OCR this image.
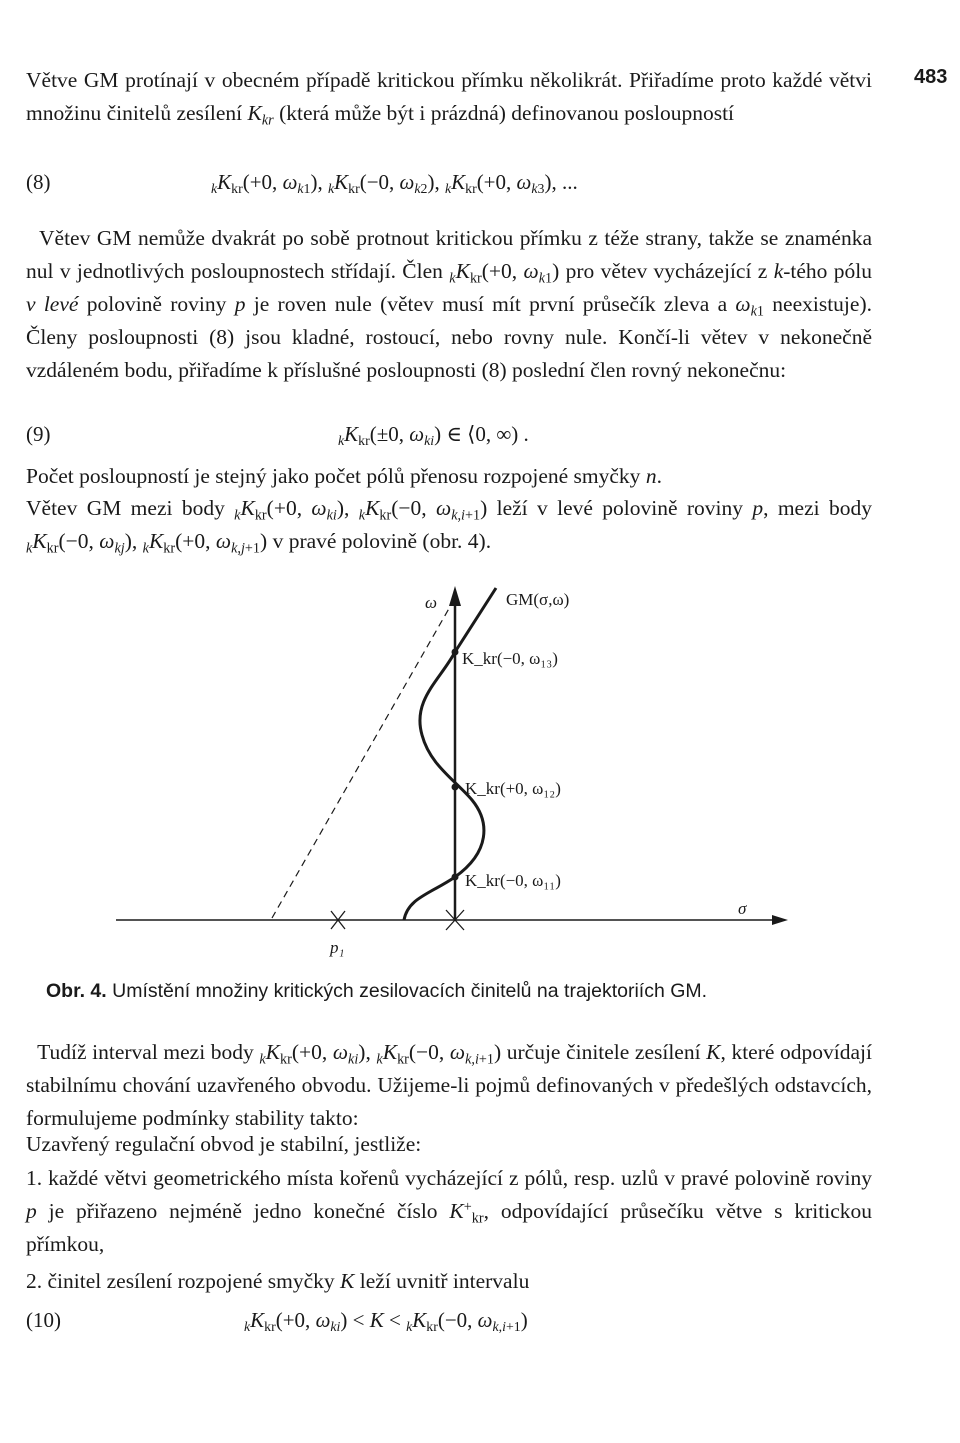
483

Větve GM protínají v obecném případě kritickou přímku několikrát. Přiřadíme proto každé větvi množinu činitelů zesílení $K_{kr}$ (která může být i prázdná) definovanou posloupností

(8)	$_kK_{kr}(+0$, $\omega_{k1}$), $_kK_{kr}(-0$, $\omega_{k2}$), $_kK_{kr}(+0$, $\omega_{k3}$), ...

Větev GM nemůže dvakrát po sobě protnout kritickou přímku z téže strany, takže se znaménka nul v jednotlivých posloupnostech střídají. Člen $_kK_{kr}(+0$, $\omega_{k1}$) pro větev vycházející z k-tého pólu v levé polovině roviny p je roven nule (větev musí mít první průsečík zleva a $\omega_{k1}$ neexistuje). Členy posloupnosti (8) jsou kladné, rostoucí, nebo rovny nule. Končí-li větev v nekonečně vzdáleném bodu, přiřadíme k příslušné posloupnosti (8) poslední člen rovný nekonečnu:

(9)	$_kK_{kr}(\pm 0$, $\omega_{ki}$) ∈ ⟨0, ∞) .

Počet posloupností je stejný jako počet pólů přenosu rozpojené smyčky n.

Větev GM mezi body $_kK_{kr}(+0$, $\omega_{ki}$), $_kK_{kr}(-0$, $\omega_{k,i+1}$) leží v levé polovině roviny p, mezi body $_kK_{kr}(-0$, $\omega_{kj}$), $_kK_{kr}(+0$, $\omega_{k,j+1}$) v pravé polovině (obr. 4).

ω
σ
GM(σ,ω)
p₁
K_kr(−0, ω₁₃)
K_kr(+0, ω₁₂)
K_kr(−0, ω₁₁)
Obr. 4. Umístění množiny kritických zesilovacích činitelů na trajektoriích GM.

Tudíž interval mezi body $_kK_{kr}(+0$, $\omega_{ki}$), $_kK_{kr}(-0$, $\omega_{k,i+1}$) určuje činitele zesílení K, které odpovídají stabilnímu chování uzavřeného obvodu. Užijeme-li pojmů definovaných v předešlých odstavcích, formulujeme podmínky stability takto:

Uzavřený regulační obvod je stabilní, jestliže:

1. každé větvi geometrického místa kořenů vycházející z pólů, resp. uzlů v pravé polovině roviny p je přiřazeno nejméně jedno konečné číslo $K^+_{kr}$, odpovídající průsečíku větve s kritickou přímkou,

2. činitel zesílení rozpojené smyčky K leží uvnitř intervalu

(10)	$_kK_{kr}(+0$, $\omega_{ki}) < K < _kK_{kr}(-0$, $\omega_{k,i+1}$)
